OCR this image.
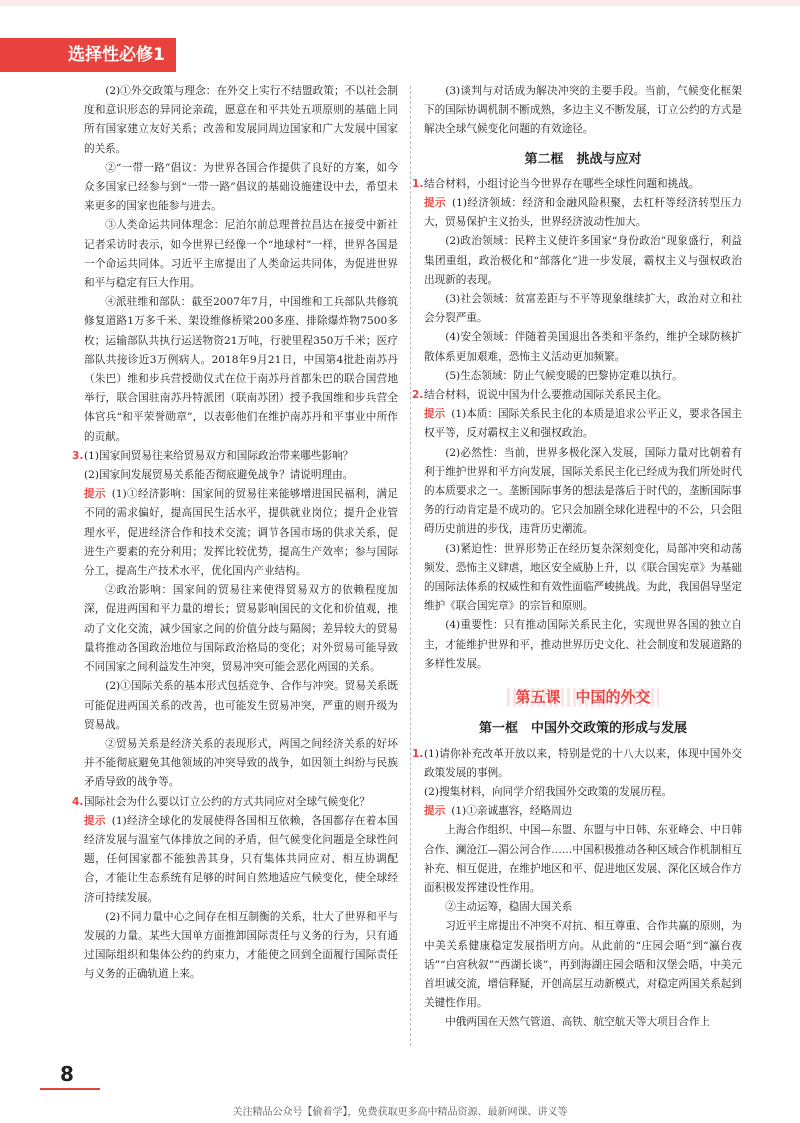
选择性必修1

(2)①外交政策与理念：在外交上实行不结盟政策；不以社会制度和意识形态的异同论亲疏，愿意在和平共处五项原则的基础上同所有国家建立友好关系；改善和发展同周边国家和广大发展中国家的关系。

②“一带一路”倡议：为世界各国合作提供了良好的方案，如今众多国家已经参与到“一带一路”倡议的基础设施建设中去，希望未来更多的国家也能参与进去。

③人类命运共同体理念：尼泊尔前总理普拉昌达在接受中新社记者采访时表示，如今世界已经像一个“地球村”一样，世界各国是一个命运共同体。习近平主席提出了人类命运共同体，为促进世界和平与稳定有巨大作用。

④派驻维和部队：截至2007年7月，中国维和工兵部队共修筑修复道路1万多千米、架设维修桥梁200多座、排除爆炸物7500多枚；运输部队共执行运送物资21万吨，行驶里程350万千米；医疗部队共接诊近3万例病人。2018年9月21日，中国第4批赴南苏丹（朱巴）维和步兵营授勋仪式在位于南苏丹首都朱巴的联合国营地举行，联合国驻南苏丹特派团（联南苏团）授予我国维和步兵营全体官兵“和平荣誉勋章”，以表彰他们在维护南苏丹和平事业中所作的贡献。

3. (1)国家间贸易往来给贸易双方和国际政治带来哪些影响？

(2)国家间发展贸易关系能否彻底避免战争？请说明理由。

提示 (1)①经济影响：国家间的贸易往来能够增进国民福利，满足不同的需求偏好，提高国民生活水平，提供就业岗位；提升企业管理水平，促进经济合作和技术交流；调节各国市场的供求关系，促进生产要素的充分利用；发挥比较优势，提高生产效率；参与国际分工，提高生产技术水平，优化国内产业结构。

②政治影响：国家间的贸易往来使得贸易双方的依赖程度加深，促进两国和平力量的增长；贸易影响国民的文化和价值观，推动了文化交流，减少国家之间的价值分歧与隔阂；差异较大的贸易量将推动各国政治地位与国际政治格局的变化；对外贸易可能导致不同国家之间利益发生冲突，贸易冲突可能会恶化两国的关系。

(2)①国际关系的基本形式包括竞争、合作与冲突。贸易关系既可能促进两国关系的改善，也可能发生贸易冲突，严重的则升级为贸易战。

②贸易关系是经济关系的表现形式，两国之间经济关系的好坏并不能彻底避免其他领域的冲突导致的战争，如因领土纠纷与民族矛盾导致的战争等。

4. 国际社会为什么要以订立公约的方式共同应对全球气候变化？

提示 (1)经济全球化的发展使得各国相互依赖，各国都存在着本国经济发展与温室气体排放之间的矛盾，但气候变化问题是全球性问题，任何国家都不能独善其身，只有集体共同应对、相互协调配合，才能让生态系统有足够的时间自然地适应气候变化，使全球经济可持续发展。

(2)不同力量中心之间存在相互制衡的关系，壮大了世界和平与发展的力量。某些大国单方面推卸国际责任与义务的行为，只有通过国际组织和集体公约的约束力，才能使之回到全面履行国际责任与义务的正确轨道上来。

(3)谈判与对话成为解决冲突的主要手段。当前，气候变化框架下的国际协调机制不断成熟，多边主义不断发展，订立公约的方式是解决全球气候变化问题的有效途径。

第二框　挑战与应对
1. 结合材料，小组讨论当今世界存在哪些全球性问题和挑战。

提示 (1)经济领域：经济和金融风险积聚，去杠杆等经济转型压力大，贸易保护主义抬头，世界经济波动性加大。

(2)政治领域：民粹主义使许多国家“身份政治”现象盛行，利益集团重组，政治极化和“部落化”进一步发展，霸权主义与强权政治出现新的表现。

(3)社会领域：贫富差距与不平等现象继续扩大，政治对立和社会分裂严重。

(4)安全领域：伴随着美国退出各类和平条约，维护全球防核扩散体系更加艰难，恐怖主义活动更加频繁。

(5)生态领域：防止气候变暖的巴黎协定难以执行。

2. 结合材料，说说中国为什么要推动国际关系民主化。

提示 (1)本质：国际关系民主化的本质是追求公平正义，要求各国主权平等，反对霸权主义和强权政治。

(2)必然性：当前，世界多极化深入发展，国际力量对比朝着有利于维护世界和平方向发展，国际关系民主化已经成为我们所处时代的本质要求之一。垄断国际事务的想法是落后于时代的，垄断国际事务的行动肯定是不成功的。它只会加剧全球化进程中的不公，只会阻碍历史前进的步伐，违背历史潮流。

(3)紧迫性：世界形势正在经历复杂深刻变化，局部冲突和动荡频发、恐怖主义肆虐，地区安全威胁上升，以《联合国宪章》为基础的国际法体系的权威性和有效性面临严峻挑战。为此，我国倡导坚定维护《联合国宪章》的宗旨和原则。

(4)重要性：只有推动国际关系民主化，实现世界各国的独立自主，才能维护世界和平，推动世界历史文化、社会制度和发展道路的多样性发展。

第五课　中国的外交
第一框　中国外交政策的形成与发展
1. (1)请你补充改革开放以来，特别是党的十八大以来，体现中国外交政策发展的事例。

(2)搜集材料，向同学介绍我国外交政策的发展历程。

提示 (1)①亲诚惠容，经略周边

上海合作组织、中国—东盟、东盟与中日韩、东亚峰会、中日韩合作、澜沧江—湄公河合作……中国积极推动各种区域合作机制相互补充、相互促进，在维护地区和平、促进地区发展、深化区域合作方面积极发挥建设性作用。

②主动运筹，稳固大国关系

习近平主席提出不冲突不对抗、相互尊重、合作共赢的原则，为中美关系健康稳定发展指明方向。从此前的“庄园会晤”到“瀛台夜话”“白宫秋叙”“西湖长谈”，再到海湖庄园会晤和汉堡会晤，中美元首坦诚交流，增信释疑，开创高层互动新模式，对稳定两国关系起到关键性作用。

中俄两国在天然气管道、高铁、航空航天等大项目合作上

8
关注精品公众号【偷着学】，免费获取更多高中精品资源、最新网课、讲义等
